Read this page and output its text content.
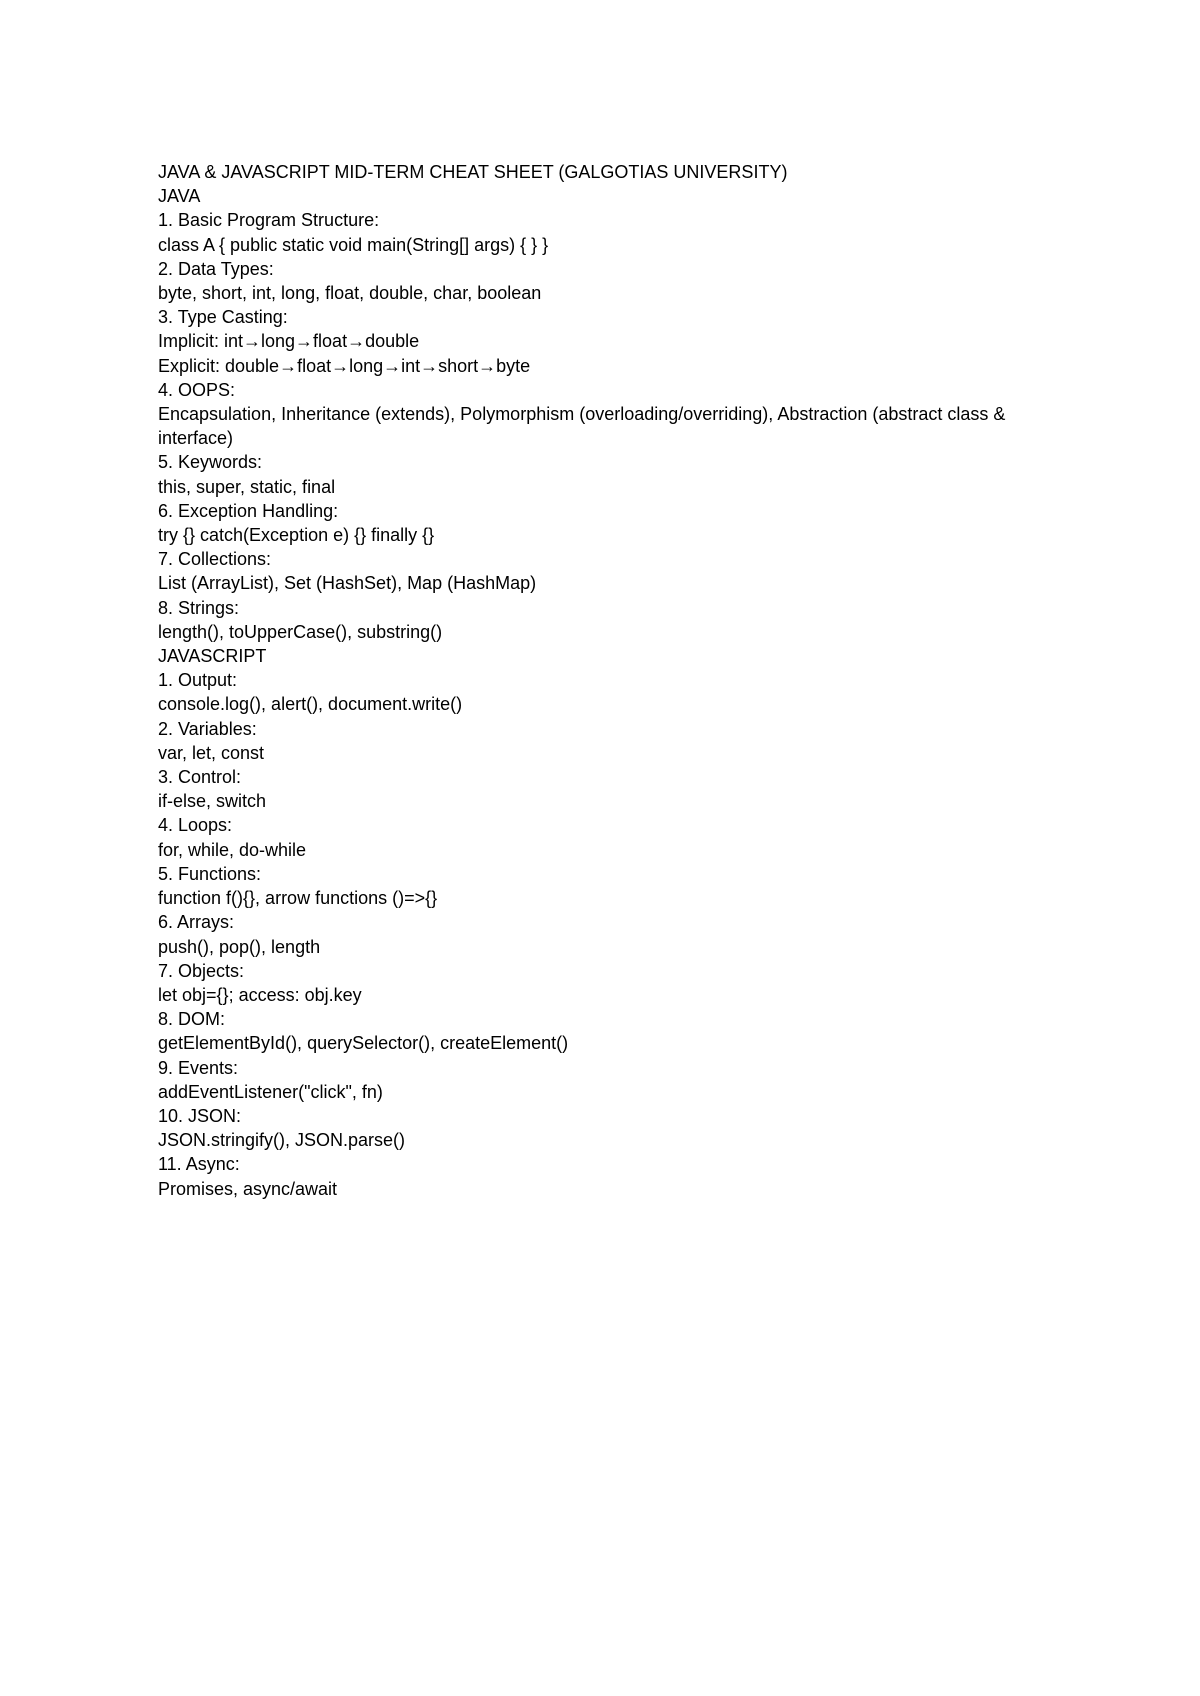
JAVA & JAVASCRIPT MID-TERM CHEAT SHEET (GALGOTIAS UNIVERSITY)

JAVA

1. Basic Program Structure:

class A { public static void main(String[] args) { } }

2. Data Types:

byte, short, int, long, float, double, char, boolean

3. Type Casting:

Implicit: int→long→float→double

Explicit: double→float→long→int→short→byte

4. OOPS:

Encapsulation, Inheritance (extends), Polymorphism (overloading/overriding), Abstraction (abstract class & interface)

5. Keywords:

this, super, static, final

6. Exception Handling:

try {} catch(Exception e) {} finally {}

7. Collections:

List (ArrayList), Set (HashSet), Map (HashMap)

8. Strings:

length(), toUpperCase(), substring()

JAVASCRIPT

1. Output:

console.log(), alert(), document.write()

2. Variables:

var, let, const

3. Control:

if-else, switch

4. Loops:

for, while, do-while

5. Functions:

function f(){}, arrow functions ()=>{}

6. Arrays:

push(), pop(), length

7. Objects:

let obj={}; access: obj.key

8. DOM:

getElementById(), querySelector(), createElement()

9. Events:

addEventListener("click", fn)

10. JSON:

JSON.stringify(), JSON.parse()

11. Async:

Promises, async/await
